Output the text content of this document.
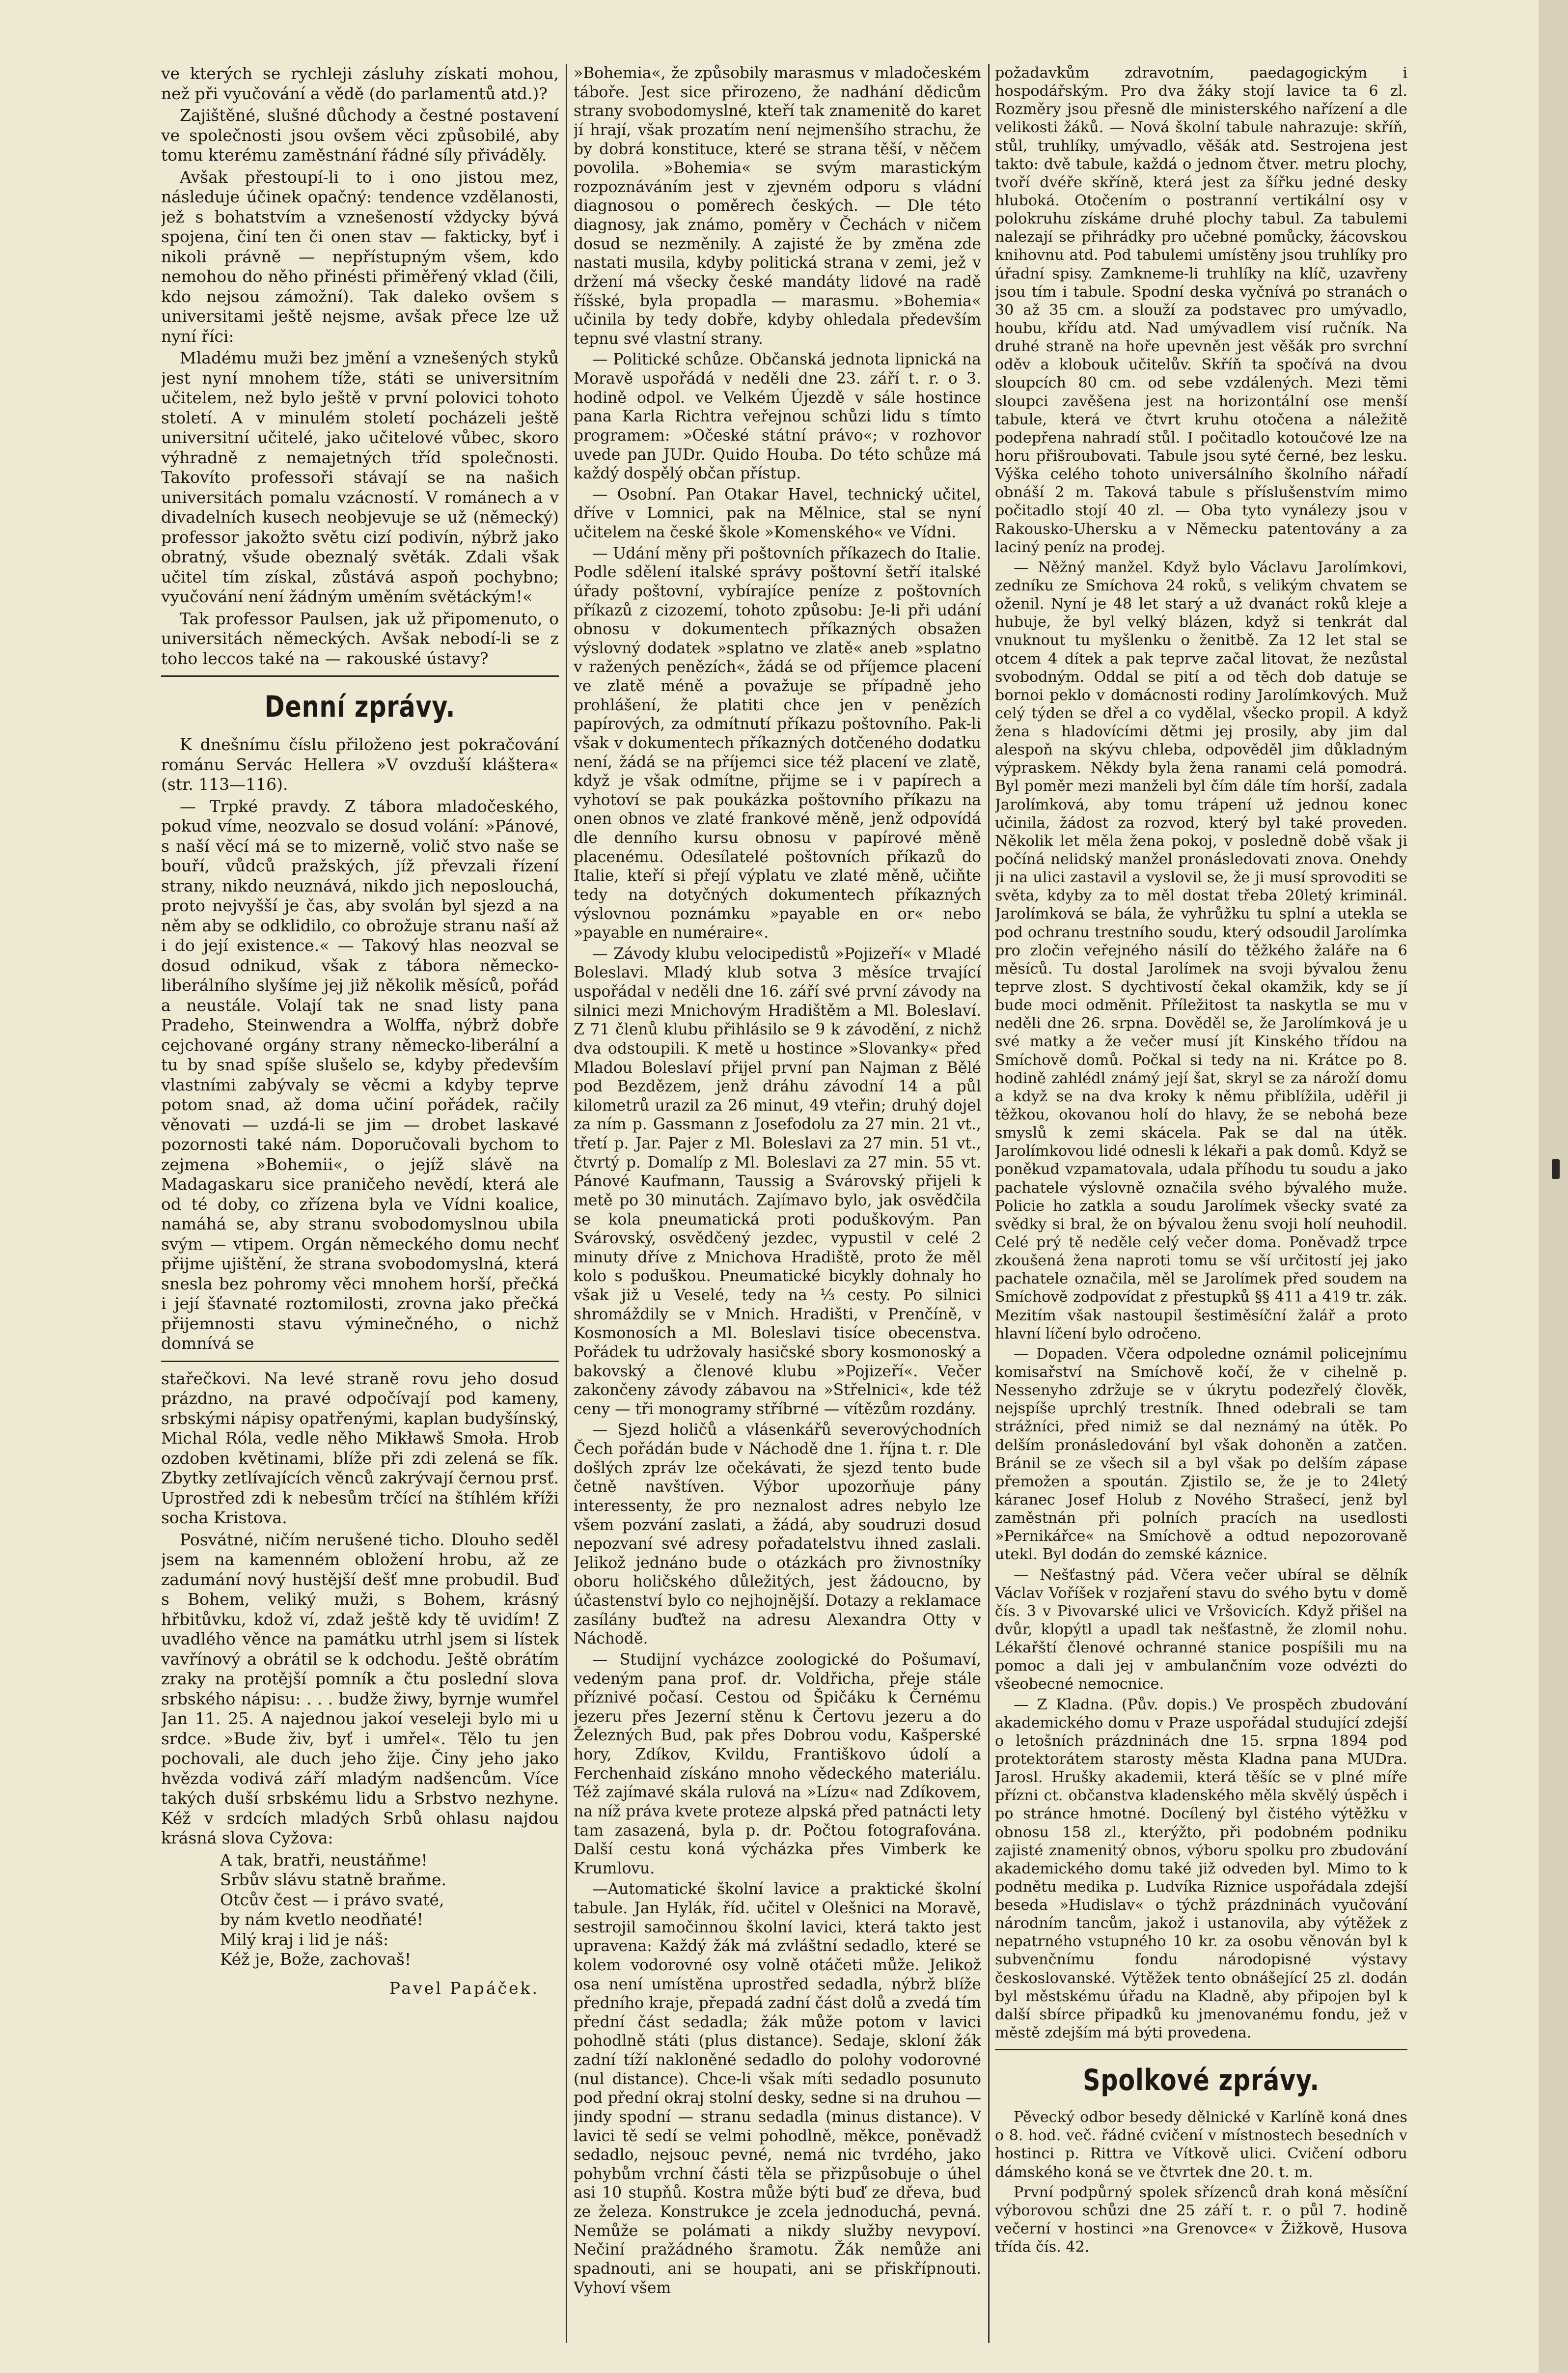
ve kterých se rychleji zásluhy získati mohou, než při vyučování a vědě (do parlamentů atd.)?

Zajištěné, slušné důchody a čestné postavení ve společnosti jsou ovšem věci způsobilé, aby tomu kterému zaměstnání řádné síly přiváděly.

Avšak přestoupí-li to i ono jistou mez, následuje účinek opačný: tendence vzdělanosti, jež s bohatstvím a vznešeností vždycky bývá spojena, činí ten či onen stav — fakticky, byť i nikoli právně — nepřístupným všem, kdo nemohou do něho přinésti přiměřený vklad (čili, kdo nejsou zámožní). Tak daleko ovšem s universitami ještě nejsme, avšak přece lze už nyní říci:

Mladému muži bez jmění a vznešených styků jest nyní mnohem tíže, státi se universitním učitelem, než bylo ještě v první polovici tohoto století. A v minulém století pocházeli ještě universitní učitelé, jako učitelové vůbec, skoro výhradně z nemajetných tříd společnosti. Takovíto professoři stávají se na našich universitách pomalu vzácností. V románech a v divadelních kusech neobjevuje se už (německý) professor jakožto světu cizí podivín, nýbrž jako obratný, všude obeznalý světák. Zdali však učitel tím získal, zůstává aspoň pochybno; vyučování není žádným uměním světáckým!«

Tak professor Paulsen, jak už připomenuto, o universitách německých. Avšak nebodí-li se z toho leccos také na — rakouské ústavy?

Denní zprávy.

K dnešnímu číslu přiloženo jest pokračování románu Servác Hellera »V ovzduší kláštera« (str. 113—116).

— Trpké pravdy. Z tábora mladočeského, pokud víme, neozvalo se dosud volání: »Pánové, s naší věcí má se to mizerně, volič stvo naše se bouří, vůdců pražských, jíž převzali řízení strany, nikdo neuznává, nikdo jich neposlouchá, proto nejvyšší je čas, aby svolán byl sjezd a na něm aby se odklidilo, co obrožuje stranu naší až i do její existence.« — Takový hlas neozval se dosud odnikud, však z tábora německo-liberálního slyšíme jej již několik měsíců, pořád a neustále. Volají tak ne snad listy pana Pradeho, Steinwendra a Wolffa, nýbrž dobře cejchované orgány strany německo-liberální a tu by snad spíše slušelo se, kdyby především vlastními zabývaly se věcmi a kdyby teprve potom snad, až doma učiní pořádek, račily věnovati — uzdá-li se jim — drobet laskavé pozornosti také nám. Doporučovali bychom to zejmena »Bohemii«, o jejíž slávě na Madagaskaru sice praničeho nevědí, která ale od té doby, co zřízena byla ve Vídni koalice, namáhá se, aby stranu svobodomyslnou ubila svým — vtipem. Orgán německého domu nechť přijme ujištění, že strana svobodomyslná, která snesla bez pohromy věci mnohem horší, přečká i její šťavnaté roztomilosti, zrovna jako přečká přijemnosti stavu výminečného, o nichž domnívá se

stařečkovi. Na levé straně rovu jeho dosud prázdno, na pravé odpočívají pod kameny, srbskými nápisy opatřenými, kaplan budyšínský, Michal Róla, vedle něho Mikławš Smoła. Hrob ozdoben květinami, blíže při zdi zelená se fík. Zbytky zetlívajících věnců zakrývají černou prsť. Uprostřed zdi k nebesům trčící na štíhlém kříži socha Kristova.

Posvátné, ničím nerušené ticho. Dlouho seděl jsem na kamenném obložení hrobu, až ze zadumání nový hustější dešť mne probudil. Buď s Bohem, veliký muži, s Bohem, krásný hřbitůvku, kdož ví, zdaž ještě kdy tě uvidím! Z uvadlého věnce na památku utrhl jsem si lístek vavřínový a obrátil se k odchodu. Ještě obrátím zraky na protější pomník a čtu poslední slova srbského nápisu: . . . budže žiwy, byrnje wumřel Jan 11. 25. A najednou jakoí veseleji bylo mi u srdce. »Bude živ, byť i umřel«. Tělo tu jen pochovali, ale duch jeho žije. Činy jeho jako hvězda vodivá září mladým nadšencům. Více takých duší srbskému lidu a Srbstvo nezhyne. Kéž v srdcích mladých Srbů ohlasu najdou krásná slova Cyžova:

A tak, bratři, neustáňme!

Srbův slávu statně braňme.

Otcův čest — i právo svaté,

by nám kvetlo neodňaté!

Milý kraj i lid je náš:

Kéž je, Bože, zachovaš!

Pavel Papáček.

»Bohemia«, že způsobily marasmus v mladočeském táboře. Jest sice přirozeno, že nadhání dědicům strany svobodomyslné, kteří tak znamenitě do karet jí hrají, však prozatím není nejmenšího strachu, že by dobrá konstituce, které se strana těší, v něčem povolila. »Bohemia« se svým marastickým rozpoznáváním jest v zjevném odporu s vládní diagnosou o poměrech českých. — Dle této diagnosy, jak známo, poměry v Čechách v ničem dosud se nezměnily. A zajisté že by změna zde nastati musila, kdyby politická strana v zemi, jež v držení má všecky české mandáty lidové na radě říšské, byla propadla — marasmu. »Bohemia« učinila by tedy dobře, kdyby ohledala především tepnu své vlastní strany.

— Politické schůze. Občanská jednota lipnická na Moravě uspořádá v neděli dne 23. září t. r. o 3. hodině odpol. ve Velkém Újezdě v sále hostince pana Karla Richtra veřejnou schůzi lidu s tímto programem: »Očeské státní právo«; v rozhovor uvede pan JUDr. Quido Houba. Do této schůze má každý dospělý občan přístup.

— Osobní. Pan Otakar Havel, technický učitel, dříve v Lomnici, pak na Mělnice, stal se nyní učitelem na české škole »Komenského« ve Vídni.

— Udání měny při poštovních příkazech do Italie. Podle sdělení italské správy poštovní šetří italské úřady poštovní, vybírajíce peníze z poštovních příkazů z cizozemí, tohoto způsobu: Je-li při udání obnosu v dokumentech příkazných obsažen výslovný dodatek »splatno ve zlatě« aneb »splatno v ražených penězích«, žádá se od příjemce placení ve zlatě méně a považuje se případně jeho prohlášení, že platiti chce jen v penězích papírových, za odmítnutí příkazu poštovního. Pak-li však v dokumentech příkazných dotčeného dodatku není, žádá se na příjemci sice též placení ve zlatě, když je však odmítne, přijme se i v papírech a vyhotoví se pak poukázka poštovního příkazu na onen obnos ve zlaté frankové měně, jenž odpovídá dle denního kursu obnosu v papírové měně placenému. Odesílatelé poštovních příkazů do Italie, kteří si přejí výplatu ve zlaté měně, učiňte tedy na dotyčných dokumentech příkazných výslovnou poznámku »payable en or« nebo »payable en numéraire«.

— Závody klubu velocipedistů »Pojizeří« v Mladé Boleslavi. Mladý klub sotva 3 měsíce trvající uspořádal v neděli dne 16. září své první závody na silnici mezi Mnichovým Hradištěm a Ml. Boleslaví. Z 71 členů klubu přihlásilo se 9 k závodění, z nichž dva odstoupili. K metě u hostince »Slovanky« před Mladou Boleslaví přijel první pan Najman z Bělé pod Bezdězem, jenž dráhu závodní 14 a půl kilometrů urazil za 26 minut, 49 vteřin; druhý dojel za ním p. Gassmann z Josefodolu za 27 min. 21 vt., třetí p. Jar. Pajer z Ml. Boleslavi za 27 min. 51 vt., čtvrtý p. Domalíp z Ml. Boleslavi za 27 min. 55 vt. Pánové Kaufmann, Taussig a Svárovský přijeli k metě po 30 minutách. Zajímavo bylo, jak osvědčila se kola pneumatická proti poduškovým. Pan Svárovský, osvědčený jezdec, vypustil v celé 2 minuty dříve z Mnichova Hradiště, proto že měl kolo s poduškou. Pneumatické bicykly dohnaly ho však již u Veselé, tedy na ⅓ cesty. Po silnici shromáždily se v Mnich. Hradišti, v Prenčíně, v Kosmonosích a Ml. Boleslavi tisíce obecenstva. Pořádek tu udržovaly hasičské sbory kosmonoský a bakovský a členové klubu »Pojizeří«. Večer zakončeny závody zábavou na »Střelnici«, kde též ceny — tři monogramy stříbrné — vítězům rozdány.

— Sjezd holičů a vlásenkářů severovýchodních Čech pořádán bude v Náchodě dne 1. října t. r. Dle došlých zpráv lze očekávati, že sjezd tento bude četně navštíven. Výbor upozorňuje pány interessenty, že pro neznalost adres nebylo lze všem pozvání zaslati, a žádá, aby soudruzi dosud nepozvaní své adresy pořadatelstvu ihned zaslali. Jelikož jednáno bude o otázkách pro živnostníky oboru holičského důležitých, jest žádoucno, by účastenství bylo co nejhojnější. Dotazy a reklamace zasílány buďtež na adresu Alexandra Otty v Náchodě.

— Studijní vycházce zoologické do Pošumaví, vedeným pana prof. dr. Voldřicha, přeje stále příznivé počasí. Cestou od Špičáku k Černému jezeru přes Jezerní stěnu k Čertovu jezeru a do Železných Bud, pak přes Dobrou vodu, Kašperské hory, Zdíkov, Kvildu, Františkovo údolí a Ferchenhaid získáno mnoho vědeckého materiálu. Též zajímavé skála rulová na »Lízu« nad Zdíkovem, na níž práva kvete proteze alpská před patnácti lety tam zasazená, byla p. dr. Počtou fotografována. Další cestu koná výcházka přes Vimberk ke Krumlovu.

—Automatické školní lavice a praktické školní tabule. Jan Hylák, říd. učitel v Olešnici na Moravě, sestrojil samočinnou školní lavici, která takto jest upravena: Každý žák má zvláštní sedadlo, které se kolem vodorovné osy volně otáčeti může. Jelikož osa není umístěna uprostřed sedadla, nýbrž blíže předního kraje, přepadá zadní část dolů a zvedá tím přední část sedadla; žák může potom v lavici pohodlně státi (plus distance). Sedaje, skloní žák zadní tíží nakloněné sedadlo do polohy vodorovné (nul distance). Chce-li však míti sedadlo posunuto pod přední okraj stolní desky, sedne si na druhou — jindy spodní — stranu sedadla (minus distance). V lavici tě sedí se velmi pohodlně, měkce, poněvadž sedadlo, nejsouc pevné, nemá nic tvrdého, jako pohybům vrchní části těla se přizpůsobuje o úhel asi 10 stupňů. Kostra může býti buď ze dřeva, buď ze železa. Konstrukce je zcela jednoduchá, pevná. Nemůže se polámati a nikdy služby nevypoví. Nečiní pražádného šramotu. Žák nemůže ani spadnouti, ani se houpati, ani se přiskřípnouti. Vyhoví všem

požadavkům zdravotním, paedagogickým i hospodářským. Pro dva žáky stojí lavice ta 6 zl. Rozměry jsou přesně dle ministerského nařízení a dle velikosti žáků. — Nová školní tabule nahrazuje: skříň, stůl, truhlíky, umývadlo, věšák atd. Sestrojena jest takto: dvě tabule, každá o jednom čtver. metru plochy, tvoří dvéře skříně, která jest za šířku jedné desky hluboká. Otočením o postranní vertikální osy v polokruhu získáme druhé plochy tabul. Za tabulemi nalezají se přihrádky pro učebné pomůcky, žácovskou knihovnu atd. Pod tabulemi umístěny jsou truhlíky pro úřadní spisy. Zamkneme-li truhlíky na klíč, uzavřeny jsou tím i tabule. Spodní deska vyčnívá po stranách o 30 až 35 cm. a slouží za podstavec pro umývadlo, houbu, křídu atd. Nad umývadlem visí ručník. Na druhé straně na hoře upevněn jest věšák pro svrchní oděv a klobouk učitelův. Skříň ta spočívá na dvou sloupcích 80 cm. od sebe vzdálených. Mezi těmi sloupci zavěšena jest na horizontální ose menší tabule, která ve čtvrt kruhu otočena a náležitě podepřena nahradí stůl. I počitadlo kotoučové lze na horu přišroubovati. Tabule jsou syté černé, bez lesku. Výška celého tohoto universálního školního nářadí obnáší 2 m. Taková tabule s příslušenstvím mimo počitadlo stojí 40 zl. — Oba tyto vynálezy jsou v Rakousko-Uhersku a v Německu patentovány a za laciný peníz na prodej.

— Něžný manžel. Když bylo Václavu Jarolímkovi, zedníku ze Smíchova 24 roků, s velikým chvatem se oženil. Nyní je 48 let starý a už dvanáct roků kleje a hubuje, že byl velký blázen, když si tenkrát dal vnuknout tu myšlenku o ženitbě. Za 12 let stal se otcem 4 dítek a pak teprve začal litovat, že nezůstal svobodným. Oddal se pití a od těch dob datuje se bornoi peklo v domácnosti rodiny Jarolímkových. Muž celý týden se dřel a co vydělal, všecko propil. A když žena s hladovícími dětmi jej prosily, aby jim dal alespoň na skývu chleba, odpověděl jim důkladným výpraskem. Někdy byla žena ranami celá pomodrá. Byl poměr mezi manželi byl čím dále tím horší, zadala Jarolímková, aby tomu trápení už jednou konec učinila, žádost za rozvod, který byl také proveden. Několik let měla žena pokoj, v posledně době však ji počíná nelidský manžel pronásledovati znova. Onehdy ji na ulici zastavil a vyslovil se, že ji musí sprovoditi se světa, kdyby za to měl dostat třeba 20letý kriminál. Jarolímková se bála, že vyhrůžku tu splní a utekla se pod ochranu trestního soudu, který odsoudil Jarolímka pro zločin veřejného násilí do těžkého žaláře na 6 měsíců. Tu dostal Jarolímek na svoji bývalou ženu teprve zlost. S dychtivostí čekal okamžik, kdy se jí bude moci odměnit. Příležitost ta naskytla se mu v neděli dne 26. srpna. Dověděl se, že Jarolímková je u své matky a že večer musí jít Kinského třídou na Smíchově domů. Počkal si tedy na ni. Krátce po 8. hodině zahlédl známý její šat, skryl se za nároží domu a když se na dva kroky k němu přiblížila, uděřil ji těžkou, okovanou holí do hlavy, že se nebohá beze smyslů k zemi skácela. Pak se dal na útěk. Jarolímkovou lidé odnesli k lékaři a pak domů. Když se poněkud vzpamatovala, udala příhodu tu soudu a jako pachatele výslovně označila svého bývalého muže. Policie ho zatkla a soudu Jarolímek všecky svaté za svědky si bral, že on bývalou ženu svoji holí neuhodil. Celé prý tě neděle celý večer doma. Poněvadž trpce zkoušená žena naproti tomu se vší určitostí jej jako pachatele označila, měl se Jarolímek před soudem na Smíchově zodpovídat z přestupků §§ 411 a 419 tr. zák. Mezitím však nastoupil šestiměsíční žalář a proto hlavní líčení bylo odročeno.

— Dopaden. Včera odpoledne oznámil policejnímu komisařství na Smíchově kočí, že v cihelně p. Nessenyho zdržuje se v úkrytu podezřelý člověk, nejspíše uprchlý trestník. Ihned odebrali se tam strážníci, před nimiž se dal neznámý na útěk. Po delším pronásledování byl však dohoněn a zatčen. Bránil se ze všech sil a byl však po delším zápase přemožen a spoután. Zjistilo se, že je to 24letý káranec Josef Holub z Nového Strašecí, jenž byl zaměstnán při polních pracích na usedlosti »Pernikářce« na Smíchově a odtud nepozorovaně utekl. Byl dodán do zemské káznice.

— Nešťastný pád. Včera večer ubíral se dělník Václav Voříšek v rozjaření stavu do svého bytu v domě čís. 3 v Pivovarské ulici ve Vršovicích. Když přišel na dvůr, klopýtl a upadl tak nešťastně, že zlomil nohu. Lékařští členové ochranné stanice pospíšili mu na pomoc a dali jej v ambulančním voze odvézti do všeobecné nemocnice.

— Z Kladna. (Pův. dopis.) Ve prospěch zbudování akademického domu v Praze uspořádal studující zdejší o letošních prázdninách dne 15. srpna 1894 pod protektorátem starosty města Kladna pana MUDra. Jarosl. Hrušky akademii, která těšíc se v plné míře přízni ct. občanstva kladenského měla skvělý úspěch i po stránce hmotné. Docílený byl čistého výtěžku v obnosu 158 zl., kterýžto, při podobném podniku zajisté znamenitý obnos, výboru spolku pro zbudování akademického domu také již odveden byl. Mimo to k podnětu medika p. Ludvíka Riznice uspořádala zdejší beseda »Hudislav« o týchž prázdninách vyučování národním tancům, jakož i ustanovila, aby výtěžek z nepatrného vstupného 10 kr. za osobu věnován byl k subvenčnímu fondu národopisné výstavy českoslovanské. Výtěžek tento obnášející 25 zl. dodán byl městskému úřadu na Kladně, aby připojen byl k další sbírce připadků ku jmenovanému fondu, jež v městě zdejším má býti provedena.

Spolkové zprávy.

Pěvecký odbor besedy dělnické v Karlíně koná dnes o 8. hod. več. řádné cvičení v místnostech besedních v hostinci p. Rittra ve Vítkově ulici. Cvičení odboru dámského koná se ve čtvrtek dne 20. t. m.

První podpůrný spolek sřízenců drah koná měsíční výborovou schůzi dne 25 září t. r. o půl 7. hodině večerní v hostinci »na Grenovce« v Žižkově, Husova třída čís. 42.
